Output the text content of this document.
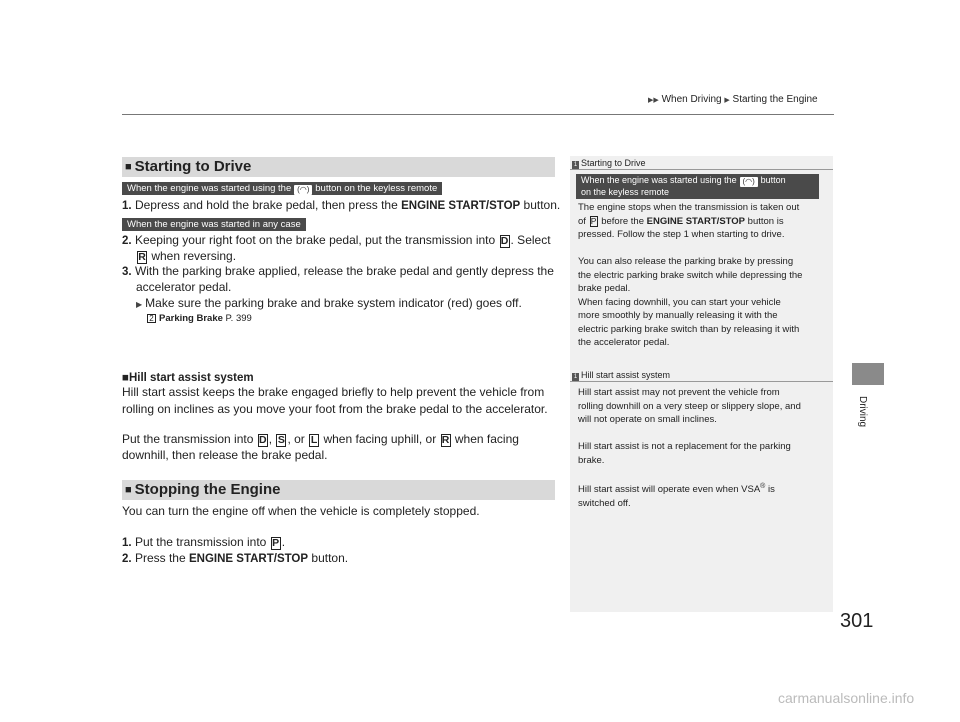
▶▶ When Driving ▶ Starting the Engine
Driving
■ Starting to Drive
When the engine was started using the (◠) button on the keyless remote
1. Depress and hold the brake pedal, then press the ENGINE START/STOP button.
When the engine was started in any case
2. Keeping your right foot on the brake pedal, put the transmission into D . Select
R when reversing.
3. With the parking brake applied, release the brake pedal and gently depress the
accelerator pedal.
▶ Make sure the parking brake and brake system indicator (red) goes off.
2 Parking Brake P. 399
■Hill start assist system
Hill start assist keeps the brake engaged briefly to help prevent the vehicle from
rolling on inclines as you move your foot from the brake pedal to the accelerator.
Put the transmission into D , S , or L when facing uphill, or R when facing
downhill, then release the brake pedal.
■ Stopping the Engine
You can turn the engine off when the vehicle is completely stopped.
1. Put the transmission into P .
2. Press the ENGINE START/STOP button.
1 Starting to Drive
When the engine was started using the (◠) button
on the keyless remote
The engine stops when the transmission is taken out
of P before the ENGINE START/STOP button is
pressed. Follow the step 1 when starting to drive.
You can also release the parking brake by pressing
the electric parking brake switch while depressing the
brake pedal.
When facing downhill, you can start your vehicle
more smoothly by manually releasing it with the
electric parking brake switch than by releasing it with
the accelerator pedal.
1 Hill start assist system
Hill start assist may not prevent the vehicle from
rolling downhill on a very steep or slippery slope, and
will not operate on small inclines.
Hill start assist is not a replacement for the parking
brake.
Hill start assist will operate even when VSA® is
switched off.
301
carmanualsonline.info
